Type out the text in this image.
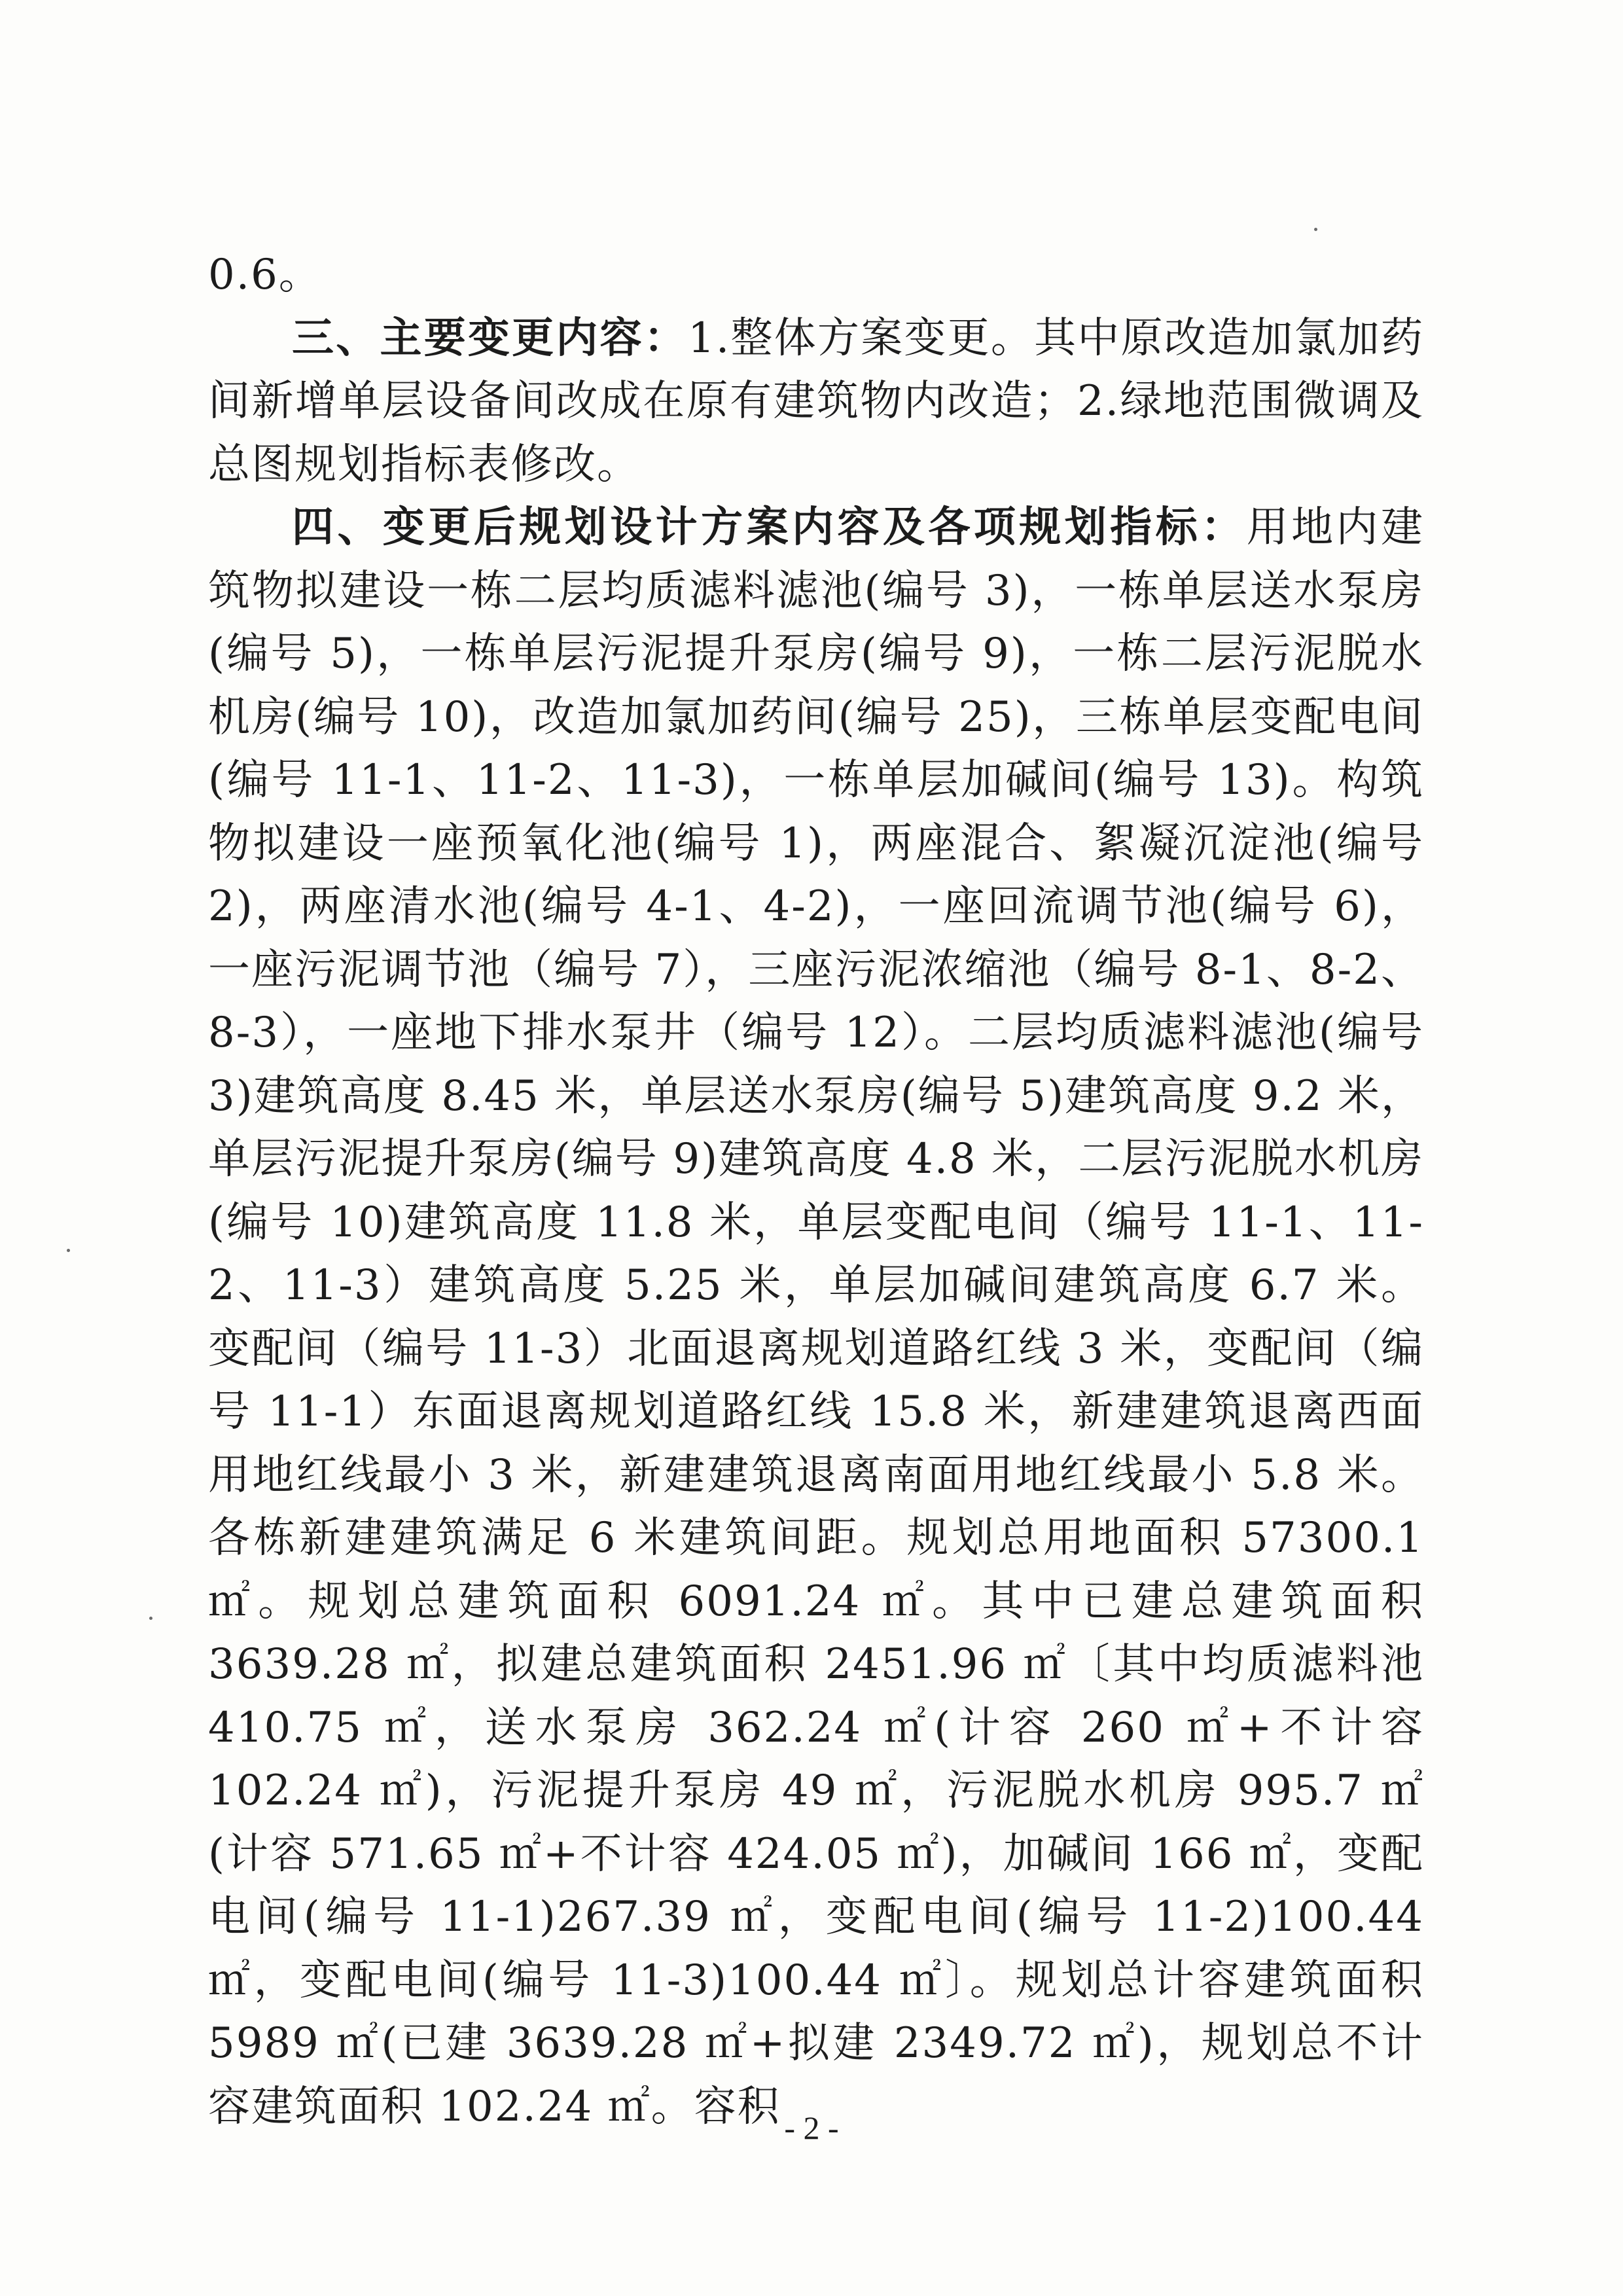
0.6。

三、主要变更内容：1.整体方案变更。其中原改造加氯加药间新增单层设备间改成在原有建筑物内改造；2.绿地范围微调及总图规划指标表修改。

四、变更后规划设计方案内容及各项规划指标：用地内建筑物拟建设一栋二层均质滤料滤池(编号 3)，一栋单层送水泵房(编号 5)，一栋单层污泥提升泵房(编号 9)，一栋二层污泥脱水机房(编号 10)，改造加氯加药间(编号 25)，三栋单层变配电间(编号 11-1、11-2、11-3)，一栋单层加碱间(编号 13)。构筑物拟建设一座预氧化池(编号 1)，两座混合、絮凝沉淀池(编号 2)，两座清水池(编号 4-1、4-2)，一座回流调节池(编号 6)，一座污泥调节池（编号 7），三座污泥浓缩池（编号 8-1、8-2、8-3），一座地下排水泵井（编号 12）。二层均质滤料滤池(编号 3)建筑高度 8.45 米，单层送水泵房(编号 5)建筑高度 9.2 米，单层污泥提升泵房(编号 9)建筑高度 4.8 米，二层污泥脱水机房(编号 10)建筑高度 11.8 米，单层变配电间（编号 11-1、11-2、11-3）建筑高度 5.25 米，单层加碱间建筑高度 6.7 米。变配间（编号 11-3）北面退离规划道路红线 3 米，变配间（编号 11-1）东面退离规划道路红线 15.8 米，新建建筑退离西面用地红线最小 3 米，新建建筑退离南面用地红线最小 5.8 米。各栋新建建筑满足 6 米建筑间距。规划总用地面积 57300.1 ㎡。规划总建筑面积 6091.24 ㎡。其中已建总建筑面积 3639.28 ㎡，拟建总建筑面积 2451.96 ㎡〔其中均质滤料池 410.75 ㎡，送水泵房 362.24 ㎡(计容 260 ㎡+不计容 102.24 ㎡)，污泥提升泵房 49 ㎡，污泥脱水机房 995.7 ㎡(计容 571.65 ㎡+不计容 424.05 ㎡)，加碱间 166 ㎡，变配电间(编号 11-1)267.39 ㎡，变配电间(编号 11-2)100.44 ㎡，变配电间(编号 11-3)100.44 ㎡〕。规划总计容建筑面积 5989 ㎡(已建 3639.28 ㎡+拟建 2349.72 ㎡)，规划总不计容建筑面积 102.24 ㎡。容积 - 2 -
